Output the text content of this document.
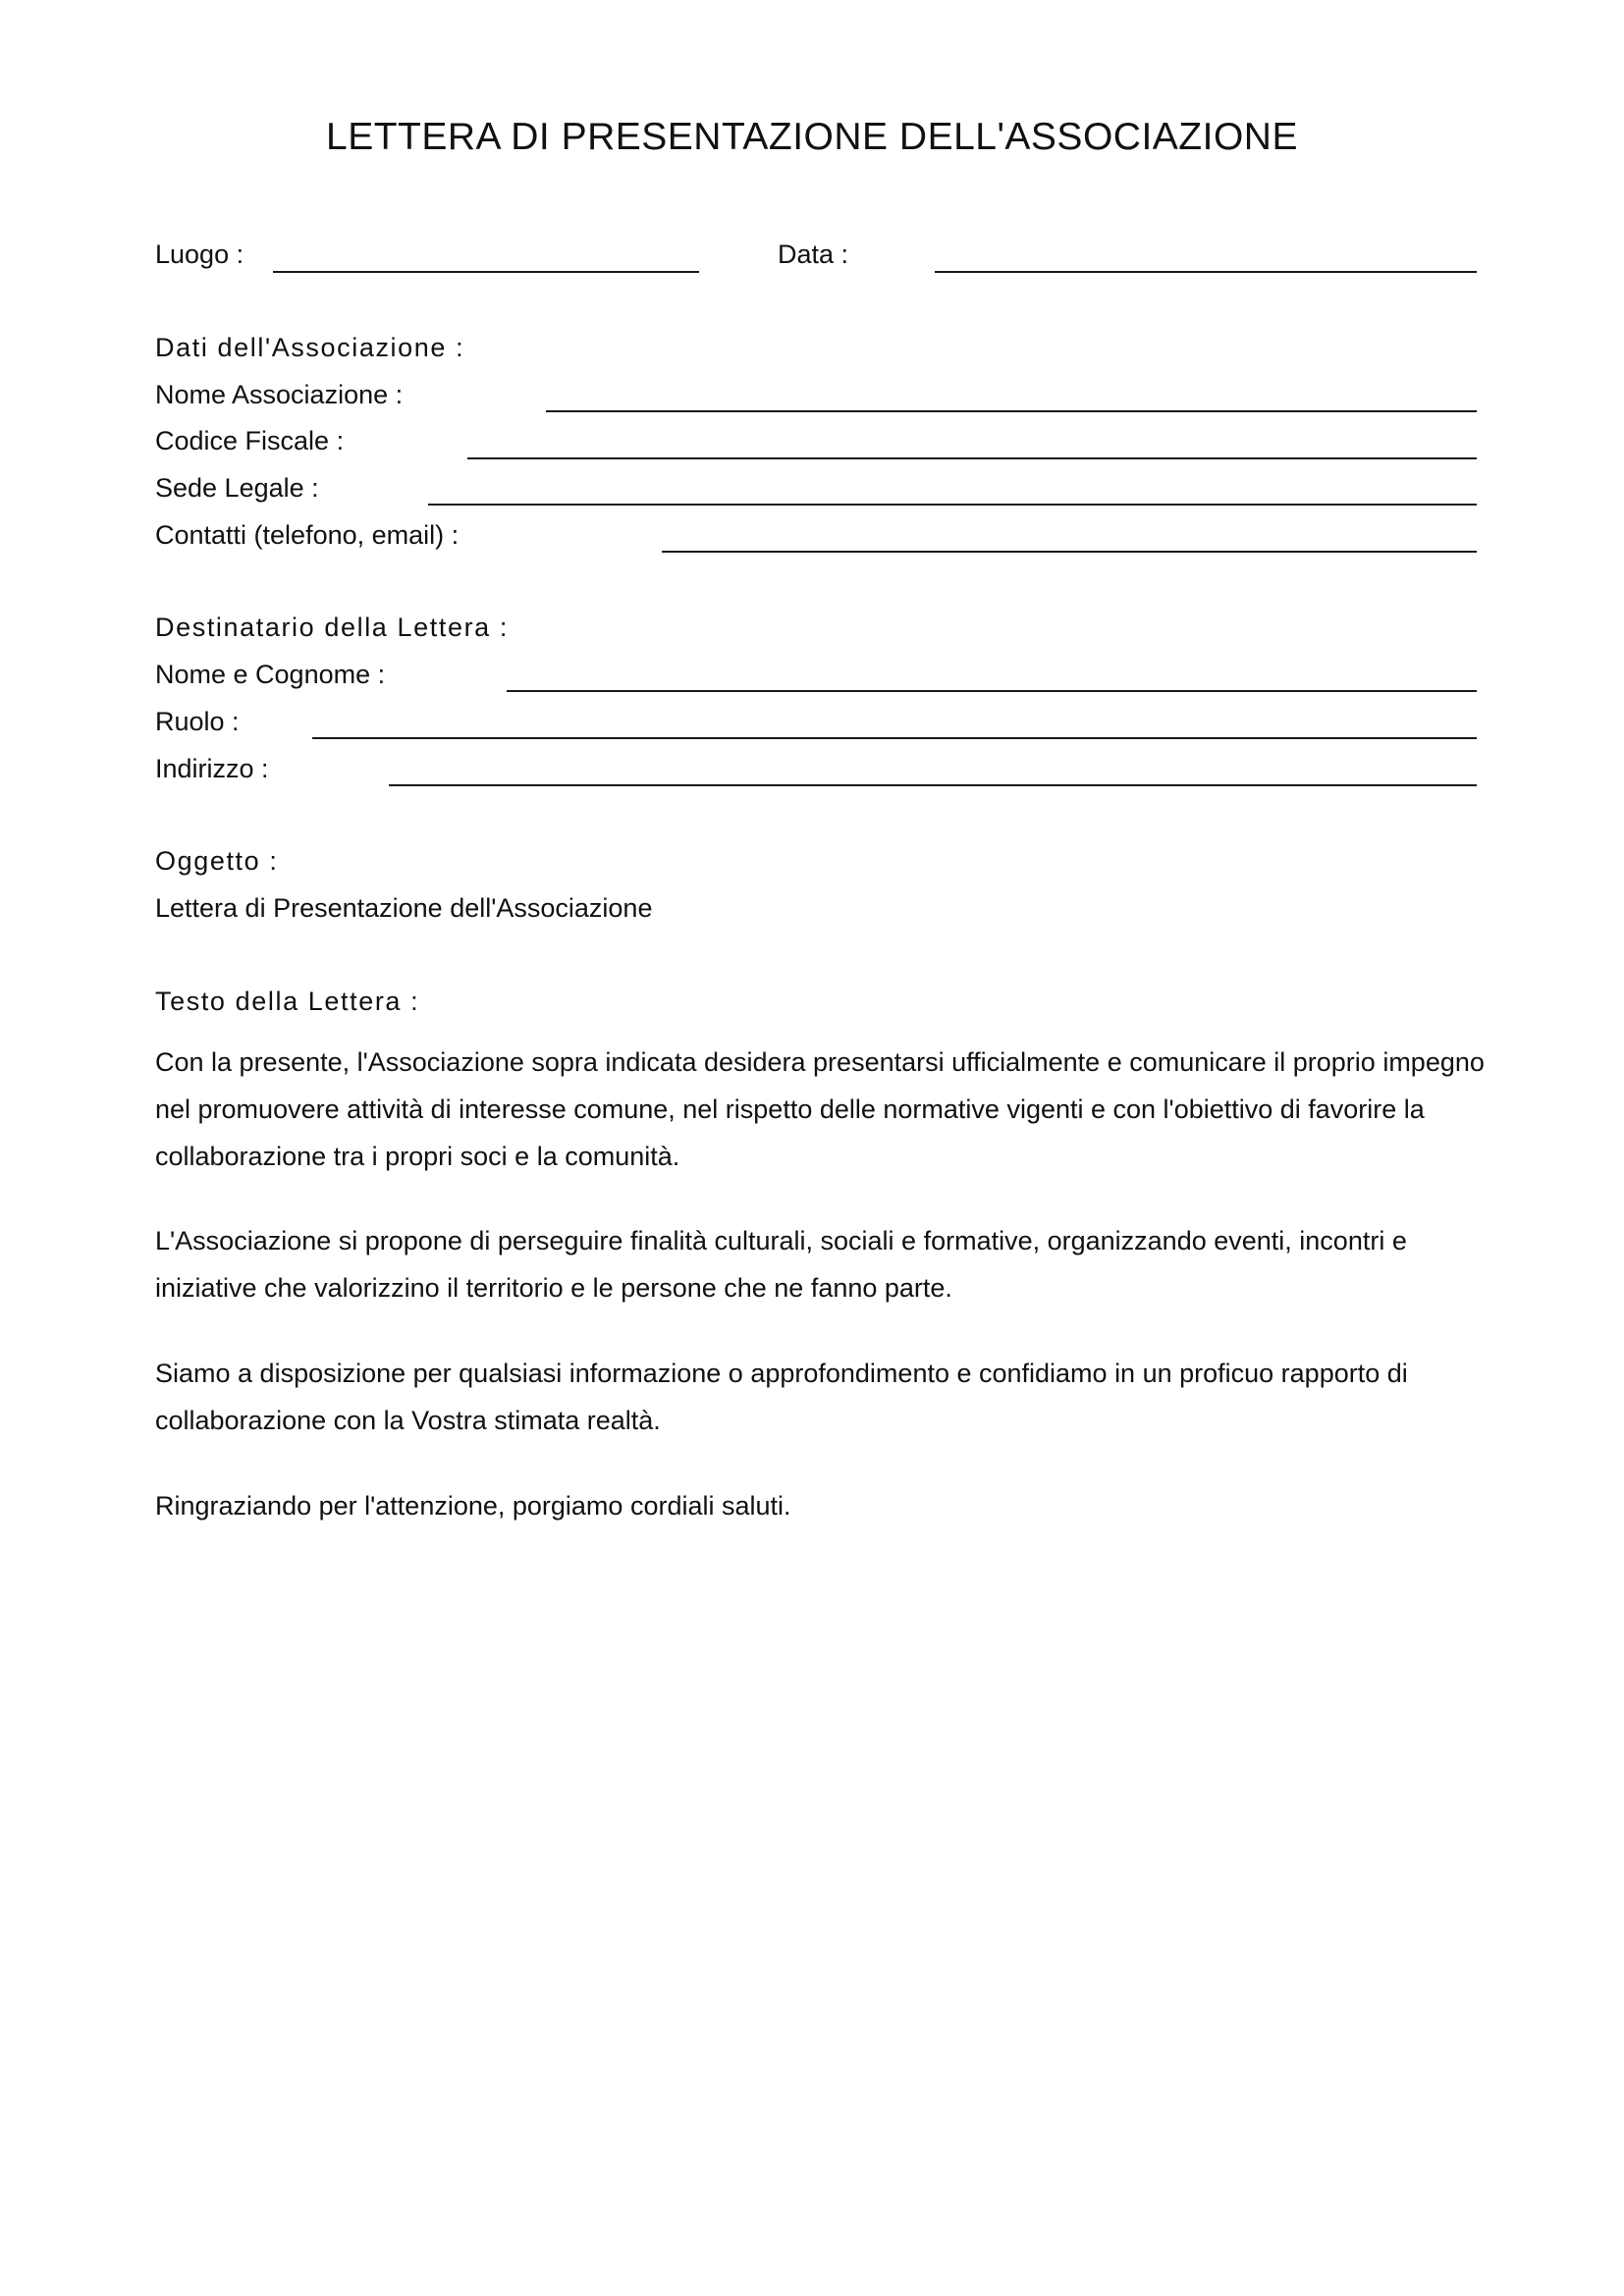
LETTERA DI PRESENTAZIONE DELL'ASSOCIAZIONE
Luogo :	Data :
Dati dell'Associazione :
Nome Associazione :
Codice Fiscale :
Sede Legale :
Contatti (telefono, email) :
Destinatario della Lettera :
Nome e Cognome :
Ruolo :
Indirizzo :
Oggetto :
Lettera di Presentazione dell'Associazione
Testo della Lettera :
Con la presente, l'Associazione sopra indicata desidera presentarsi ufficialmente e comunicare il proprio impegno nel promuovere attività di interesse comune, nel rispetto delle normative vigenti e con l'obiettivo di favorire la collaborazione tra i propri soci e la comunità.
L'Associazione si propone di perseguire finalità culturali, sociali e formative, organizzando eventi, incontri e iniziative che valorizzino il territorio e le persone che ne fanno parte.
Siamo a disposizione per qualsiasi informazione o approfondimento e confidiamo in un proficuo rapporto di collaborazione con la Vostra stimata realtà.
Ringraziando per l'attenzione, porgiamo cordiali saluti.
